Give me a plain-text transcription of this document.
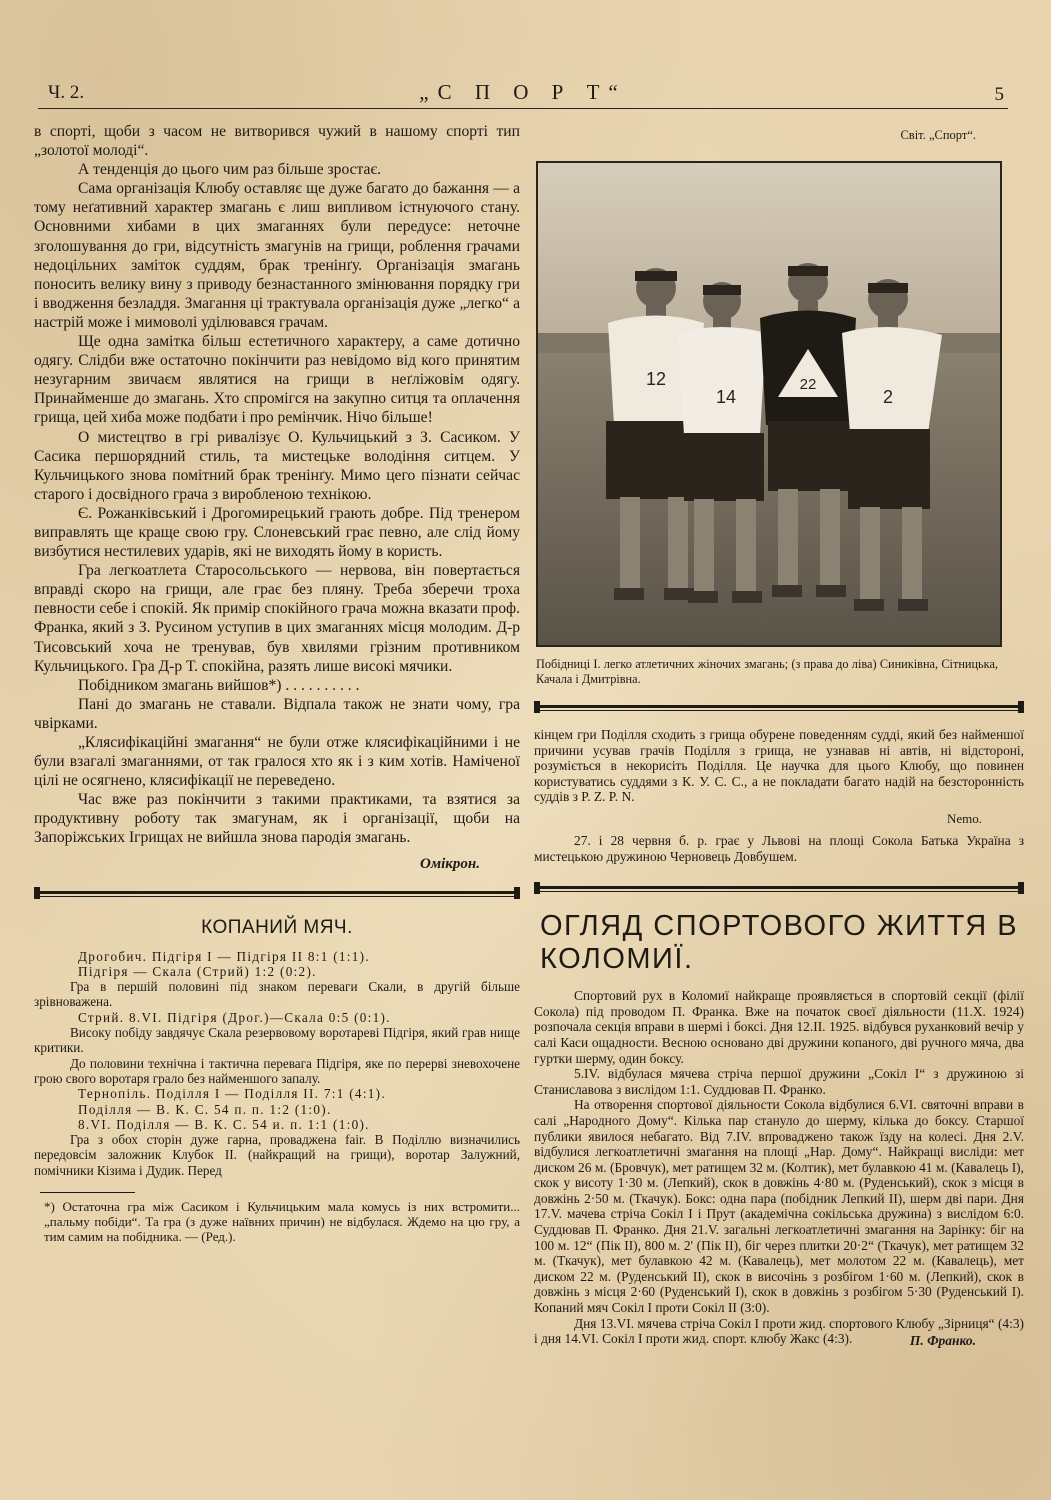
Ч. 2.	„С П О Р Т“	5

в спорті, щоби з часом не витворився чужий в нашому спорті тип „золотої молоді“.

А тенденція до цього чим раз більше зростає.

Сама організація Клюбу оставляє ще дуже багато до бажання — а тому неґативний характер змагань є лиш випливом істнуючого стану. Основними хибами в цих змаганнях були передусе: неточне зголошування до гри, відсутність змагунів на грищи, роблення грачами недоцільних заміток суддям, брак тренінґу. Організація змагань поносить велику вину з приводу безнастанного змінювання порядку гри і вводження безладдя. Змагання ці трактувала організація дуже „легко“ а настрій може і мимоволі уділювався грачам.

Ще одна замітка більш естетичного характеру, а саме дотично одягу. Слідби вже остаточно покінчити раз невідомо від кого принятим незугарним звичаєм являтися на грищи в неґліжовім одягу. Принайменше до змагань. Хто спромігся на закупно ситця та оплачення грища, цей хиба може подбати і про ремінчик. Нічо більше!

О мистецтво в грі ривалізує О. Кульчицький з З. Сасиком. У Сасика першорядний стиль, та мистецьке володіння ситцем. У Кульчицького знова помітний брак тренінґу. Мимо цего пізнати сейчас старого і досвідного грача з виробленою технікою.

Є. Рожанківський і Дрогомирецький грають добре. Під тренером виправлять ще краще свою гру. Слоневський грає певно, але слід йому визбутися нестилевих ударів, які не виходять йому в користь.

Гра легкоатлета Старосольського — нервова, він повертається вправді скоро на грищи, але грає без пляну. Треба зберечи троха певности себе і спокій. Як примір спокійного грача можна вказати проф. Франка, який з З. Русином уступив в цих змаганнях місця молодим. Д-р Тисовський хоча не тренував, був хвилями грізним противником Кульчицького. Гра Д-р Т. спокійна, разять лише високі мячики.

Побідником змагань вийшов*) . . . . . . . . . .

Пані до змагань не ставали. Відпала також не знати чому, гра чвірками.

„Клясифікаційні змагання“ не були отже клясифікаційними і не були взагалі змаганнями, от так гралося хто як і з ким хотів. Наміченої цілі не осягнено, клясифікації не переведено.

Час вже раз покінчити з такими практиками, та взятися за продуктивну роботу так змагунам, як і організації, щоби на Запоріжських Ігрищах не вийшла знова пародія змагань.

Омікрон.
КОПАНИЙ МЯЧ.

Дрогобич. Підгіря І — Підгіря ІІ 8:1 (1:1).

Підгіря — Скала (Стрий) 1:2 (0:2).

Гра в першій половині під знаком переваги Скали, в другій більше зрівноважена.

Стрий. 8.VI. Підгіря (Дрог.)—Скала 0:5 (0:1).

Високу побіду завдячує Скала резервовому воротареві Підгіря, який грав нище критики.

До половини технічна і тактична перевага Підгіря, яке по перерві зневохочене грою свого воротаря грало без найменшого запалу.

Тернопіль. Поділля І — Поділля ІІ. 7:1 (4:1).

Поділля — В. К. С. 54 п. п. 1:2 (1:0).

8.VI. Поділля — В. К. С. 54 и. п. 1:1 (1:0).

Гра з обох сторін дуже гарна, провадженa fair. В Поділлю визначились передовсім заложник Клубок ІІ. (найкращий на грищи), воротар Залужний, помічники Кізима і Дудик. Перед

*) Остаточна гра між Сасиком і Кульчицьким мала комусь із них встромити... „пальму побіди“. Та гра (з дуже наївних причин) не відбулася. Ждемо на цю гру, а тим самим на побідника. — (Ред.).

Світ. „Спорт“.
12
14
22
2
Побідниці І. легко атлетичних жіночих змагань; (з права до ліва) Синиківна, Сітницька, Качала і Дмитрівна.

кінцем гри Поділля сходить з грища обурене поведенням судді, який без найменшої причини усував грачів Поділля з грища, не узнавав ні автів, ні відстороні, розуміється в некорисіть Поділля. Це научка для цього Клюбу, що повинен користуватись суддями з К. У. С. С., а не покладати багато надій на безсторонність суддів з P. Z. P. N.

Nemo.

27. і 28 червня б. р. грає у Львові на площі Сокола Батька Україна з мистецькою дружиною Черновець Довбушем.

ОГЛЯД СПОРТОВОГО ЖИТТЯ В КОЛОМИЇ.

Спортовий рух в Коломиї найкраще проявляється в спортовій секції (філії Сокола) під проводом П. Франка. Вже на початок своєї діяльности (11.X. 1924) розпочала секція вправи в шермі і боксі. Дня 12.II. 1925. відбувся руханковий вечір у салі Каси ощадности. Весною основано дві дружини копаного, дві ручного мяча, два гуртки шерму, один боксу.

5.IV. відбулася мячева стріча першої дружини „Сокіл І“ з дружиною зі Станиславова з вислідом 1:1. Суддював П. Франко.

На отворення спортової діяльности Сокола відбулися 6.VI. святочні вправи в салі „Народного Дому“. Кілька пар стануло до шерму, кілька до боксу. Старшої публики явилося небагато. Від 7.IV. впроваджено також їзду на колесі. Дня 2.V. відбулися легкоатлетичні змагання на площі „Нар. Дому“. Найкращі висліди: мет диском 26 м. (Бровчук), мет ратищем 32 м. (Колтик), мет булавкою 41 м. (Кавалець І), скок у висоту 1·30 м. (Лепкий), скок в довжінь 4·80 м. (Руденський), скок з місця в довжінь 2·50 м. (Ткачук). Бокс: одна пара (побідник Лепкий ІІ), шерм дві пари. Дня 17.V. мачева стріча Сокіл І і Прут (академічна сокільська дружина) з вислідом 6:0. Суддював П. Франко. Дня 21.V. загальні легкоатлетичні змагання на Зарінку: біг на 100 м. 12“ (Пік ІІ), 800 м. 2' (Пік ІІ), біг через плитки 20·2“ (Ткачук), мет ратищем 32 м. (Ткачук), мет булавкою 42 м. (Кавалець), мет молотом 22 м. (Кавалець), мет диском 22 м. (Руденський ІІ), скок в височінь з розбігом 1·60 м. (Лепкий), скок в довжінь з місця 2·60 (Руденський І), скок в довжінь з розбігом 5·30 (Руденський І). Копаний мяч Сокіл І проти Сокіл ІІ (3:0).

Дня 13.VI. мячева стріча Сокіл І проти жид. спортового Клюбу „Зірниця“ (4:3) і дня 14.VI. Сокіл І проти жид. спорт. клюбу Жакс (4:3).	П. Франко.
